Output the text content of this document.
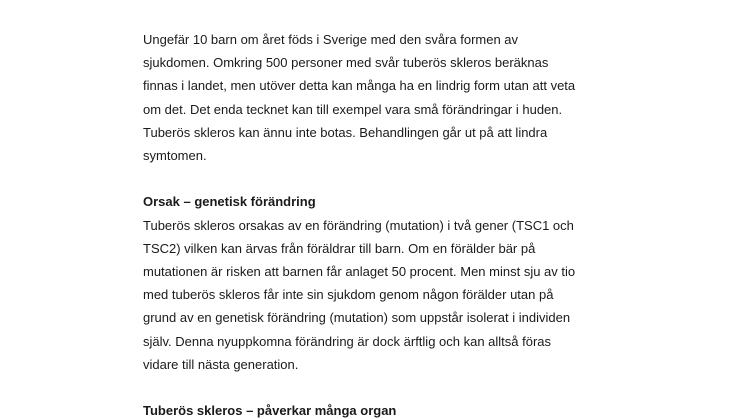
Ungefär 10 barn om året föds i Sverige med den svåra formen av
sjukdomen. Omkring 500 personer med svår tuberös skleros beräknas
finnas i landet, men utöver detta kan många ha en lindrig form utan att veta
om det. Det enda tecknet kan till exempel vara små förändringar i huden.
Tuberös skleros kan ännu inte botas. Behandlingen går ut på att lindra
symtomen.
Orsak – genetisk förändring
Tuberös skleros orsakas av en förändring (mutation) i två gener (TSC1 och
TSC2) vilken kan ärvas från föräldrar till barn. Om en förälder bär på
mutationen är risken att barnen får anlaget 50 procent. Men minst sju av tio
med tuberös skleros får inte sin sjukdom genom någon förälder utan på
grund av en genetisk förändring (mutation) som uppstår isolerat i individen
själv. Denna nyuppkomna förändring är dock ärftlig och kan alltså föras
vidare till nästa generation.
Tuberös skleros – påverkar många organ
